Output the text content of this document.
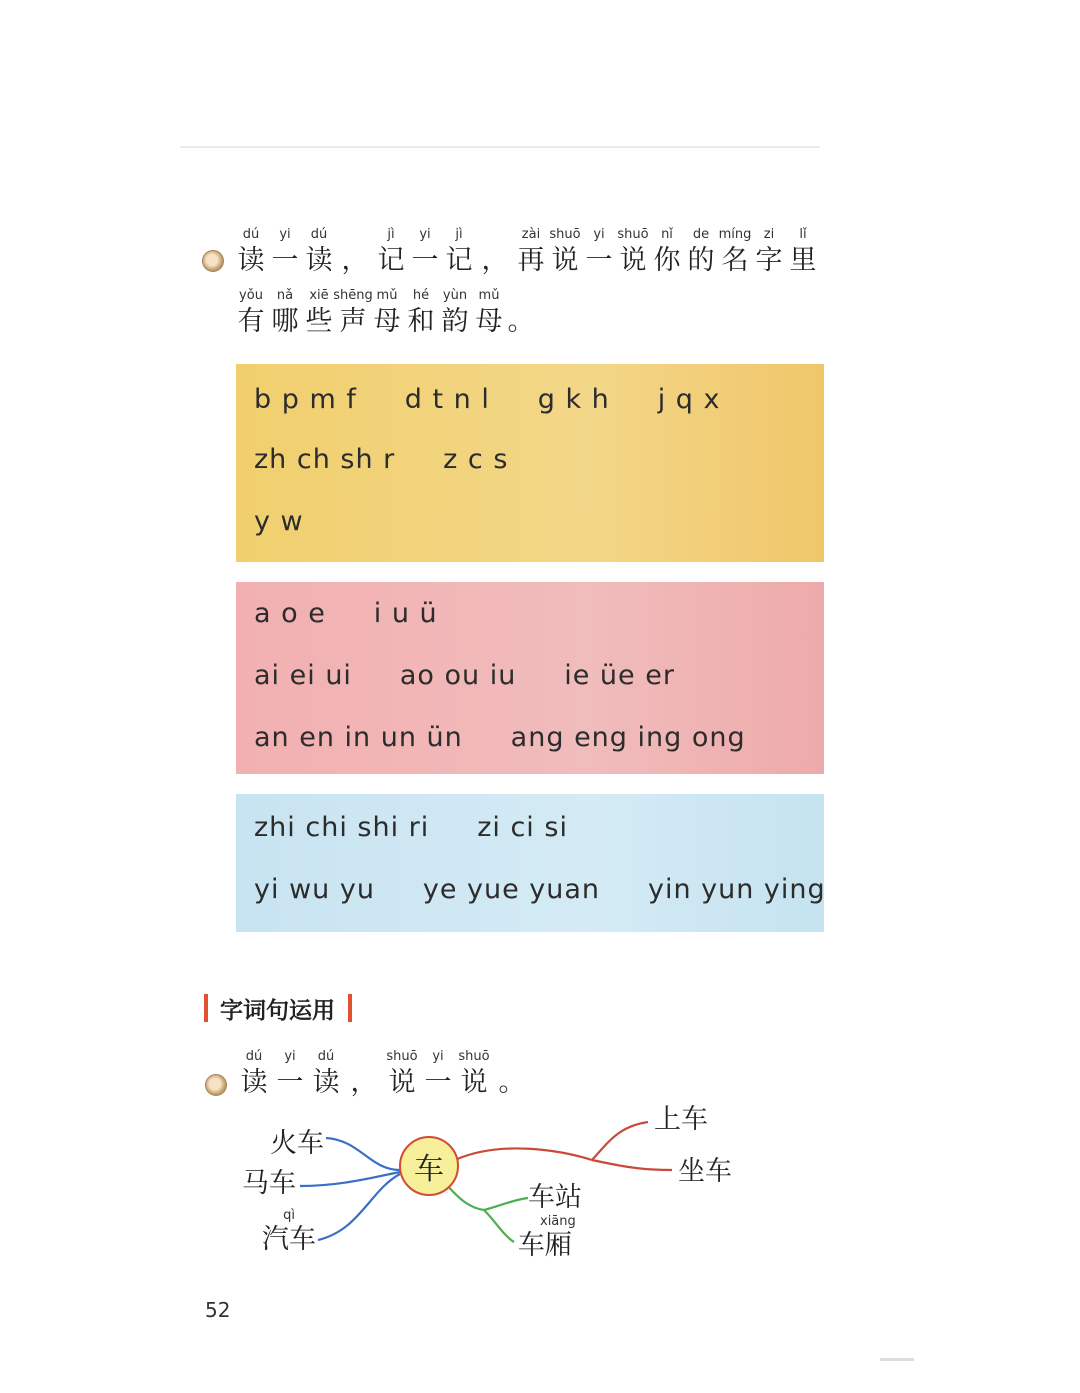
dú
读
yi
一
dú
读 ，
jì
记
yi
一
jì
记 ，
zài
再
shuō
说
yi
一
shuō
说
nǐ
你
de
的
míng
名
zi
字
lǐ
里
yǒu
有
nǎ
哪
xiē
些
shēng
声
mǔ
母
hé
和
yùn
韵
mǔ
母 。
b p m f     d t n l     g k h     j q x
zh ch sh r     z c s
y w
a o e     i u ü
ai ei ui     ao ou iu     ie üe er
an en in un ün     ang eng ing ong
zhi chi shi ri     zi ci si
yi wu yu     ye yue yuan     yin yun ying
字词句运用
dú
读
yi
一
dú
读 ，
shuō
说
yi
一
shuō
说 。
车
火车
马车
qì
汽车
上车
坐车
车站
xiāng
车厢
52
